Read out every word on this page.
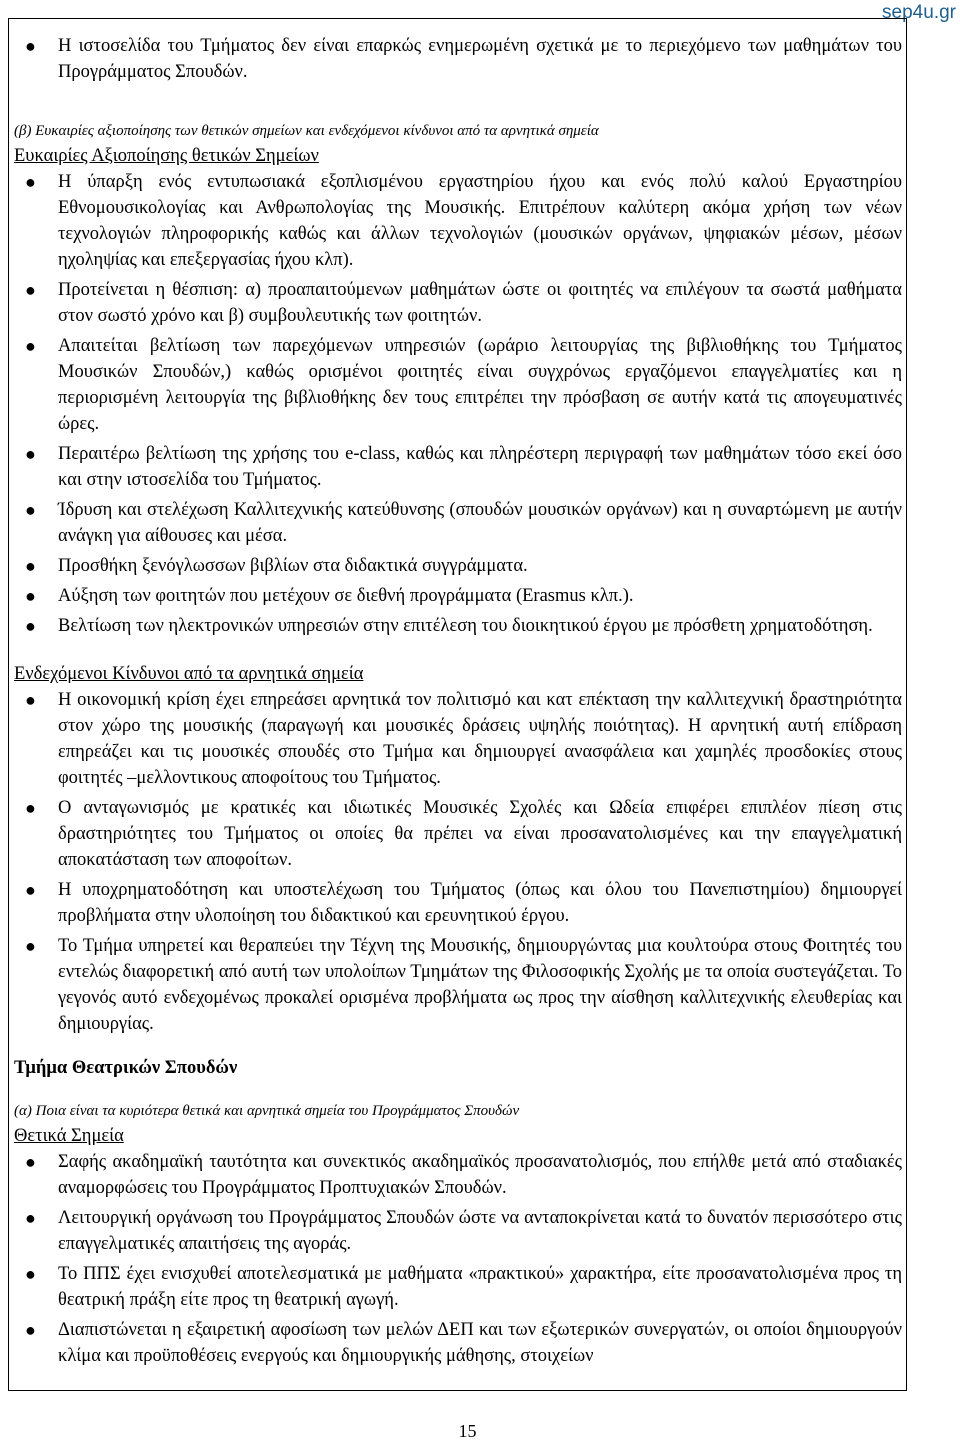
sep4u.gr
● Η ιστοσελίδα του Τμήματος δεν είναι επαρκώς ενημερωμένη σχετικά με το περιεχόμενο των μαθημάτων του Προγράμματος Σπουδών.

(β) Ευκαιρίες αξιοποίησης των θετικών σημείων και ενδεχόμενοι κίνδυνοι από τα αρνητικά σημεία

Ευκαιρίες Αξιοποίησης θετικών Σημείων

● Η ύπαρξη ενός εντυπωσιακά εξοπλισμένου εργαστηρίου ήχου και ενός πολύ καλού Εργαστηρίου Εθνομουσικολογίας και Ανθρωπολογίας της Μουσικής. Επιτρέπουν καλύτερη ακόμα χρήση των νέων τεχνολογιών πληροφορικής καθώς και άλλων τεχνολογιών (μουσικών οργάνων, ψηφιακών μέσων, μέσων ηχοληψίας και επεξεργασίας ήχου κλπ).
● Προτείνεται η θέσπιση: α) προαπαιτούμενων μαθημάτων ώστε οι φοιτητές να επιλέγουν τα σωστά μαθήματα στον σωστό χρόνο και β) συμβουλευτικής των φοιτητών.
● Απαιτείται βελτίωση των παρεχόμενων υπηρεσιών (ωράριο λειτουργίας της βιβλιοθήκης του Τμήματος Μουσικών Σπουδών,) καθώς ορισμένοι φοιτητές είναι συγχρόνως εργαζόμενοι επαγγελματίες και η περιορισμένη λειτουργία της βιβλιοθήκης δεν τους επιτρέπει την πρόσβαση σε αυτήν κατά τις απογευματινές ώρες.
● Περαιτέρω βελτίωση της χρήσης του e-class, καθώς και πληρέστερη περιγραφή των μαθημάτων τόσο εκεί όσο και στην ιστοσελίδα του Τμήματος.
● Ίδρυση και στελέχωση Καλλιτεχνικής κατεύθυνσης (σπουδών μουσικών οργάνων) και η συναρτώμενη με αυτήν ανάγκη για αίθουσες και μέσα.
● Προσθήκη ξενόγλωσσων βιβλίων στα διδακτικά συγγράμματα.
● Αύξηση των φοιτητών που μετέχουν σε διεθνή προγράμματα (Erasmus κλπ.).
● Βελτίωση των ηλεκτρονικών υπηρεσιών στην επιτέλεση του διοικητικού έργου με πρόσθετη χρηματοδότηση.

Ενδεχόμενοι Κίνδυνοι από τα αρνητικά σημεία

● Η οικονομική κρίση έχει επηρεάσει αρνητικά τον πολιτισμό και κατ επέκταση την καλλιτεχνική δραστηριότητα στον χώρο της μουσικής (παραγωγή και μουσικές δράσεις υψηλής ποιότητας). Η αρνητική αυτή επίδραση επηρεάζει και τις μουσικές σπουδές στο Τμήμα και δημιουργεί ανασφάλεια και χαμηλές προσδοκίες στους φοιτητές –μελλοντικους αποφοίτους του Τμήματος.
● Ο ανταγωνισμός με κρατικές και ιδιωτικές Μουσικές Σχολές και Ωδεία επιφέρει επιπλέον πίεση στις δραστηριότητες του Τμήματος οι οποίες θα πρέπει να είναι προσανατολισμένες και την επαγγελματική αποκατάσταση των αποφοίτων.
● Η υποχρηματοδότηση και υποστελέχωση του Τμήματος (όπως και όλου του Πανεπιστημίου) δημιουργεί προβλήματα στην υλοποίηση του διδακτικού και ερευνητικού έργου.
● Το Τμήμα υπηρετεί και θεραπεύει την Τέχνη της Μουσικής, δημιουργώντας μια κουλτούρα στους Φοιτητές του εντελώς διαφορετική από αυτή των υπολοίπων Τμημάτων της Φιλοσοφικής Σχολής με τα οποία συστεγάζεται. Το γεγονός αυτό ενδεχομένως προκαλεί ορισμένα προβλήματα ως προς την αίσθηση καλλιτεχνικής ελευθερίας και δημιουργίας.

Τμήμα Θεατρικών Σπουδών

(α) Ποια είναι τα κυριότερα θετικά και αρνητικά σημεία του Προγράμματος Σπουδών

Θετικά Σημεία

● Σαφής ακαδημαϊκή ταυτότητα και συνεκτικός ακαδημαϊκός προσανατολισμός, που επήλθε μετά από σταδιακές αναμορφώσεις του Προγράμματος Προπτυχιακών Σπουδών.
● Λειτουργική οργάνωση του Προγράμματος Σπουδών ώστε να ανταποκρίνεται κατά το δυνατόν περισσότερο στις επαγγελματικές απαιτήσεις της αγοράς.
● Το ΠΠΣ έχει ενισχυθεί αποτελεσματικά με μαθήματα «πρακτικού» χαρακτήρα, είτε προσανατολισμένα προς τη θεατρική πράξη είτε προς τη θεατρική αγωγή.
● Διαπιστώνεται η εξαιρετική αφοσίωση των μελών ΔΕΠ και των εξωτερικών συνεργατών, οι οποίοι δημιουργούν κλίμα και προϋποθέσεις ενεργούς και δημιουργικής μάθησης, στοιχείων
15
